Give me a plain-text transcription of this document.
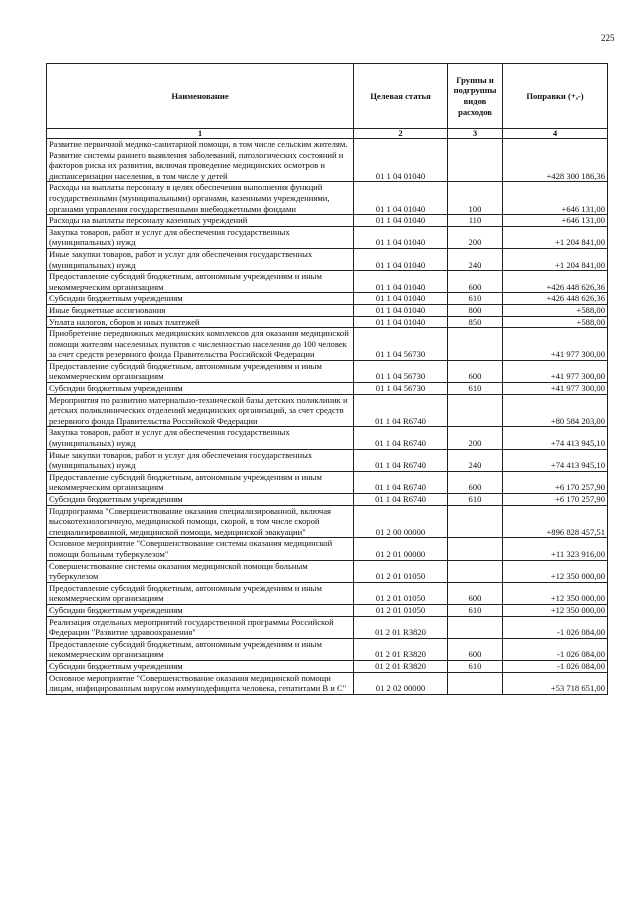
225
Наименование	Целевая статья	Группы и подгруппы видов расходов	Поправки (+,-)
1	2	3	4
Развитие первичной медико-санитарной помощи, в том числе сельским жителям. Развитие системы раннего выявления заболеваний, патологических состояний и факторов риска их развития, включая проведение медицинских осмотров и диспансеризации населения, в том числе у детей	01 1 04 01040		+428 300 186,36
Расходы на выплаты персоналу в целях обеспечения выполнения функций государственными (муниципальными) органами, казенными учреждениями, органами управления государственными внебюджетными фондами	01 1 04 01040	100	+646 131,00
Расходы на выплаты персоналу казенных учреждений	01 1 04 01040	110	+646 131,00
Закупка товаров, работ и услуг для обеспечения государственных (муниципальных) нужд	01 1 04 01040	200	+1 204 841,00
Иные закупки товаров, работ и услуг для обеспечения государственных (муниципальных) нужд	01 1 04 01040	240	+1 204 841,00
Предоставление субсидий бюджетным, автономным учреждениям и иным некоммерческим организациям	01 1 04 01040	600	+426 448 626,36
Субсидии бюджетным учреждениям	01 1 04 01040	610	+426 448 626,36
Иные бюджетные ассигнования	01 1 04 01040	800	+588,00
Уплата налогов, сборов и иных платежей	01 1 04 01040	850	+588,00
Приобретение передвижных медицинских комплексов для оказания медицинской помощи жителям населенных пунктов с численностью населения до 100 человек за счет средств резервного фонда Правительства Российской Федерации	01 1 04 56730		+41 977 300,00
Предоставление субсидий бюджетным, автономным учреждениям и иным некоммерческим организациям	01 1 04 56730	600	+41 977 300,00
Субсидии бюджетным учреждениям	01 1 04 56730	610	+41 977 300,00
Мероприятия по развитию материально-технической базы детских поликлиник и детских поликлинических отделений медицинских организаций, за счет средств резервного фонда Правительства Российской Федерации	01 1 04 R6740		+80 584 203,00
Закупка товаров, работ и услуг для обеспечения государственных (муниципальных) нужд	01 1 04 R6740	200	+74 413 945,10
Иные закупки товаров, работ и услуг для обеспечения государственных (муниципальных) нужд	01 1 04 R6740	240	+74 413 945,10
Предоставление субсидий бюджетным, автономным учреждениям и иным некоммерческим организациям	01 1 04 R6740	600	+6 170 257,90
Субсидии бюджетным учреждениям	01 1 04 R6740	610	+6 170 257,90
Подпрограмма "Совершенствование оказания специализированной, включая высокотехнологичную, медицинской помощи, скорой, в том числе скорой специализированной, медицинской помощи, медицинской эвакуации"	01 2 00 00000		+896 828 457,51
Основное мероприятие "Совершенствование системы оказания медицинской помощи больным туберкулезом"	01 2 01 00000		+11 323 916,00
Совершенствование системы оказания медицинской помощи больным туберкулезом	01 2 01 01050		+12 350 000,00
Предоставление субсидий бюджетным, автономным учреждениям и иным некоммерческим организациям	01 2 01 01050	600	+12 350 000,00
Субсидии бюджетным учреждениям	01 2 01 01050	610	+12 350 000,00
Реализация отдельных мероприятий государственной программы Российской Федерации "Развитие здравоохранения"	01 2 01 R3820		-1 026 084,00
Предоставление субсидий бюджетным, автономным учреждениям и иным некоммерческим организациям	01 2 01 R3820	600	-1 026 084,00
Субсидии бюджетным учреждениям	01 2 01 R3820	610	-1 026 084,00
Основное мероприятие "Совершенствование оказания медицинской помощи лицам, инфицированным вирусом иммунодефицита человека, гепатитами В и С"	01 2 02 00000		+53 718 651,00
